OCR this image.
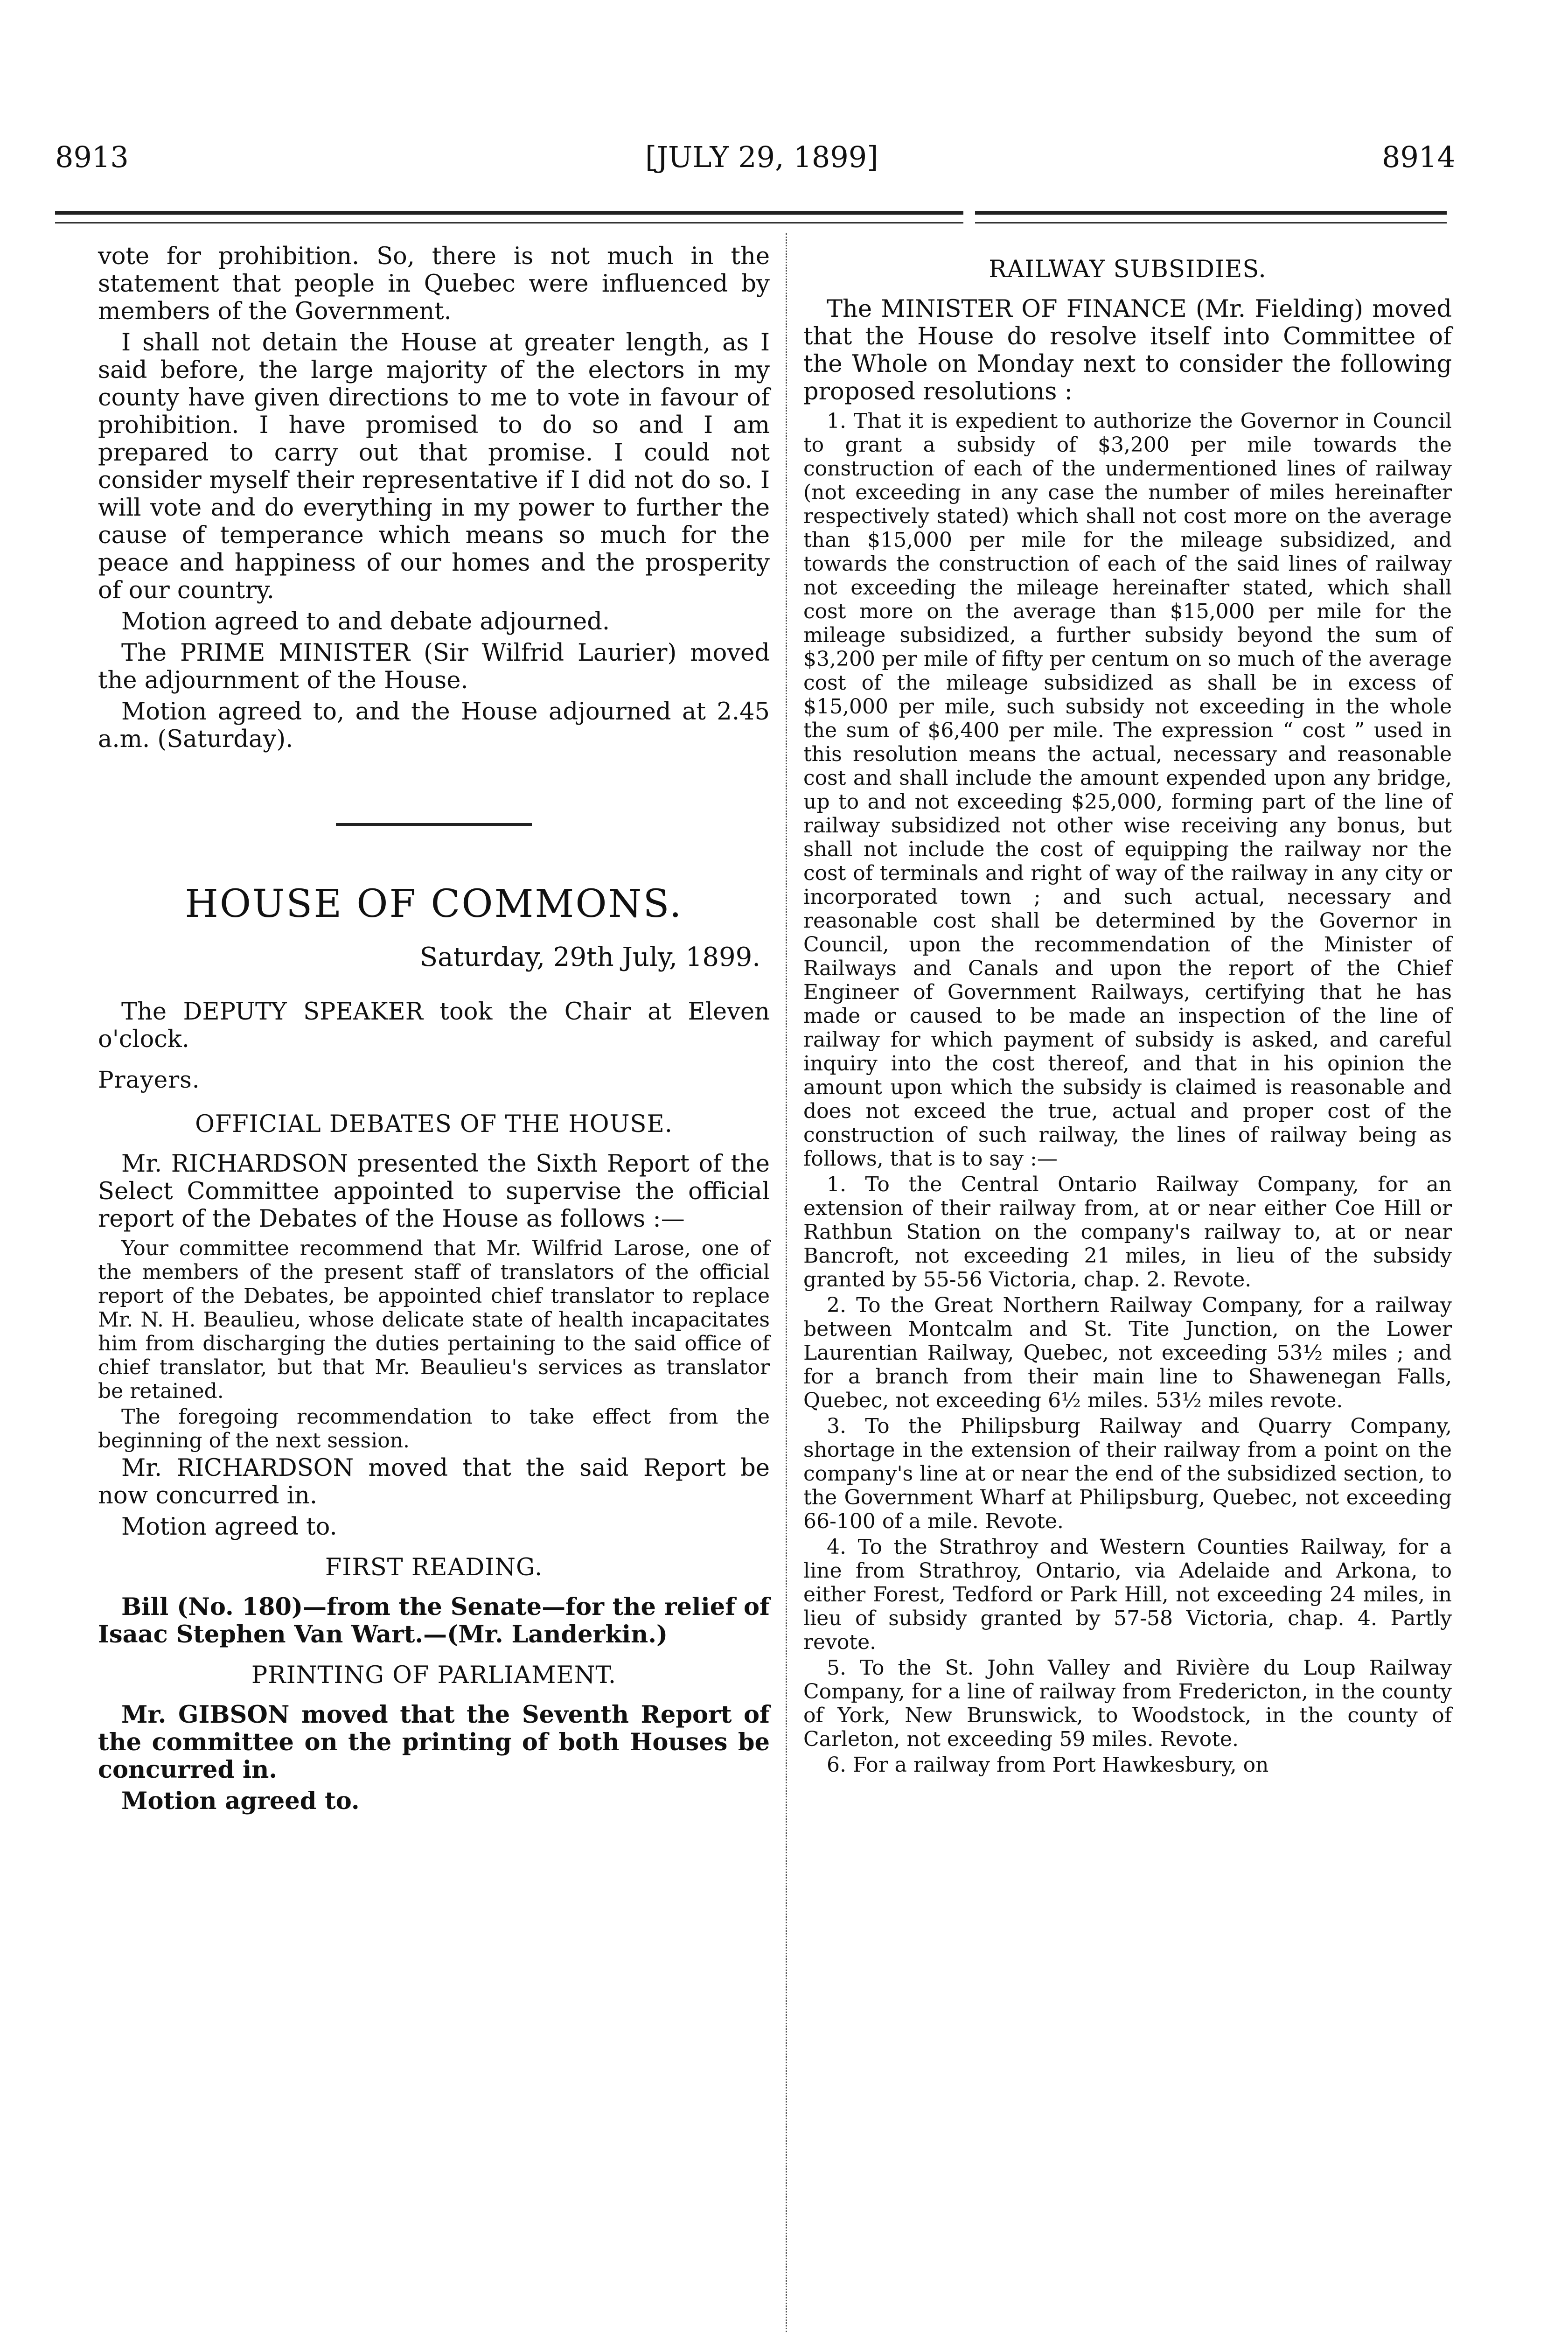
8913	[JULY 29, 1899]	8914

vote for prohibition. So, there is not much in the statement that people in Quebec were influenced by members of the Government.

I shall not detain the House at greater length, as I said before, the large majority of the electors in my county have given directions to me to vote in favour of prohibition. I have promised to do so and I am prepared to carry out that promise. I could not consider myself their representative if I did not do so. I will vote and do everything in my power to further the cause of temperance which means so much for the peace and happiness of our homes and the prosperity of our country.

Motion agreed to and debate adjourned.

The PRIME MINISTER (Sir Wilfrid Laurier) moved the adjournment of the House.

Motion agreed to, and the House adjourned at 2.45 a.m. (Saturday).

HOUSE OF COMMONS.
Saturday, 29th July, 1899.

The DEPUTY SPEAKER took the Chair at Eleven o'clock.

Prayers.
OFFICIAL DEBATES OF THE HOUSE.

Mr. RICHARDSON presented the Sixth Report of the Select Committee appointed to supervise the official report of the Debates of the House as follows :—

Your committee recommend that Mr. Wilfrid Larose, one of the members of the present staff of translators of the official report of the Debates, be appointed chief translator to replace Mr. N. H. Beaulieu, whose delicate state of health incapacitates him from discharging the duties pertaining to the said office of chief translator, but that Mr. Beaulieu's services as translator be retained.

The foregoing recommendation to take effect from the beginning of the next session.

Mr. RICHARDSON moved that the said Report be now concurred in.

Motion agreed to.

FIRST READING.

Bill (No. 180)—from the Senate—for the relief of Isaac Stephen Van Wart.—(Mr. Landerkin.)

PRINTING OF PARLIAMENT.

Mr. GIBSON moved that the Seventh Report of the committee on the printing of both Houses be concurred in.

Motion agreed to.

RAILWAY SUBSIDIES.

The MINISTER OF FINANCE (Mr. Fielding) moved that the House do resolve itself into Committee of the Whole on Monday next to consider the following proposed resolutions :

1. That it is expedient to authorize the Governor in Council to grant a subsidy of $3,200 per mile towards the construction of each of the undermentioned lines of railway (not exceeding in any case the number of miles hereinafter respectively stated) which shall not cost more on the average than $15,000 per mile for the mileage subsidized, and towards the construction of each of the said lines of railway not exceeding the mileage hereinafter stated, which shall cost more on the average than $15,000 per mile for the mileage subsidized, a further subsidy beyond the sum of $3,200 per mile of fifty per centum on so much of the average cost of the mileage subsidized as shall be in excess of $15,000 per mile, such subsidy not exceeding in the whole the sum of $6,400 per mile. The expression “ cost ” used in this resolution means the actual, necessary and reasonable cost and shall include the amount expended upon any bridge, up to and not exceeding $25,000, forming part of the line of railway subsidized not other wise receiving any bonus, but shall not include the cost of equipping the railway nor the cost of terminals and right of way of the railway in any city or incorporated town ; and such actual, necessary and reasonable cost shall be determined by the Governor in Council, upon the recommendation of the Minister of Railways and Canals and upon the report of the Chief Engineer of Government Railways, certifying that he has made or caused to be made an inspection of the line of railway for which payment of subsidy is asked, and careful inquiry into the cost thereof, and that in his opinion the amount upon which the subsidy is claimed is reasonable and does not exceed the true, actual and proper cost of the construction of such railway, the lines of railway being as follows, that is to say :—

1. To the Central Ontario Railway Company, for an extension of their railway from, at or near either Coe Hill or Rathbun Station on the company's railway to, at or near Bancroft, not exceeding 21 miles, in lieu of the subsidy granted by 55-56 Victoria, chap. 2. Revote.

2. To the Great Northern Railway Company, for a railway between Montcalm and St. Tite Junction, on the Lower Laurentian Railway, Quebec, not exceeding 53½ miles ; and for a branch from their main line to Shawenegan Falls, Quebec, not exceeding 6½ miles. 53½ miles revote.

3. To the Philipsburg Railway and Quarry Company, shortage in the extension of their railway from a point on the company's line at or near the end of the subsidized section, to the Government Wharf at Philipsburg, Quebec, not exceeding 66-100 of a mile. Revote.

4. To the Strathroy and Western Counties Railway, for a line from Strathroy, Ontario, via Adelaide and Arkona, to either Forest, Tedford or Park Hill, not exceeding 24 miles, in lieu of subsidy granted by 57-58 Victoria, chap. 4. Partly revote.

5. To the St. John Valley and Rivière du Loup Railway Company, for a line of railway from Fredericton, in the county of York, New Brunswick, to Woodstock, in the county of Carleton, not exceeding 59 miles. Revote.

6. For a railway from Port Hawkesbury, on
